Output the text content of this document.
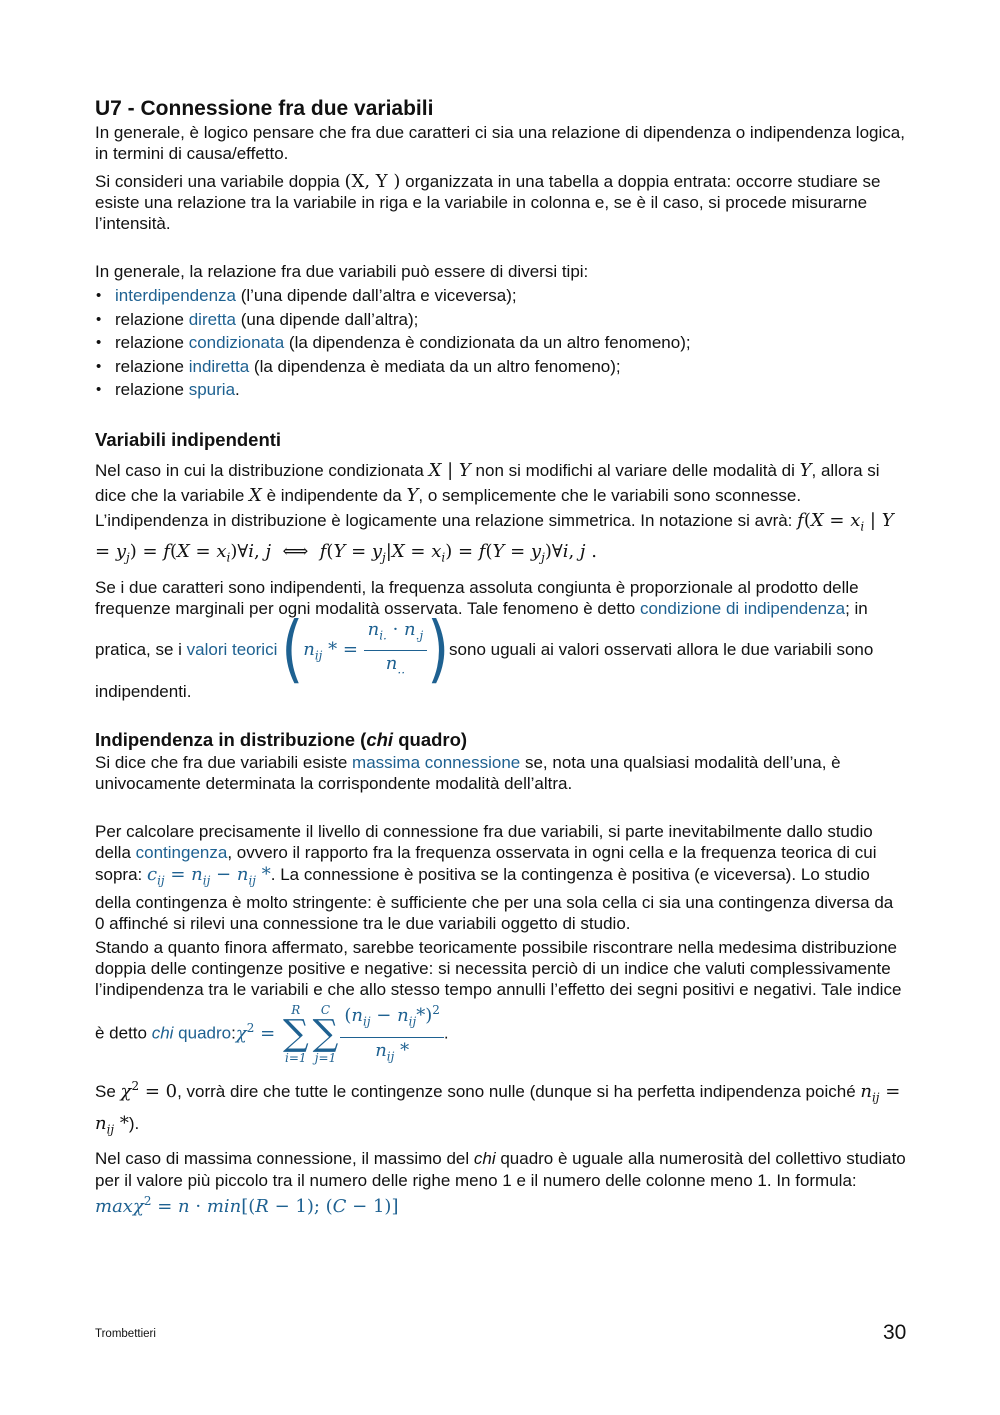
U7 - Connessione fra due variabili

In generale, è logico pensare che fra due caratteri ci sia una relazione di dipendenza o indipendenza logica, in termini di causa/effetto.

Si consideri una variabile doppia (X, Y ) organizzata in una tabella a doppia entrata: occorre studiare se esiste una relazione tra la variabile in riga e la variabile in colonna e, se è il caso, si procede misurarne l’intensità.

In generale, la relazione fra due variabili può essere di diversi tipi:

• interdipendenza (l’una dipende dall’altra e viceversa);
• relazione diretta (una dipende dall’altra);
• relazione condizionata (la dipendenza è condizionata da un altro fenomeno);
• relazione indiretta (la dipendenza è mediata da un altro fenomeno);
• relazione spuria.
Variabili indipendenti

Nel caso in cui la distribuzione condizionata X | Y non si modifichi al variare delle modalità di Y, allora si dice che la variabile X è indipendente da Y, o semplicemente che le variabili sono sconnesse. L’indipendenza in distribuzione è logicamente una relazione simmetrica. In notazione si avrà: $f(X = x_i$ | $Y = y_j) = f(X$ = $x_i)\forall i$, j  ⟺  $f(Y = y_j|X = x_i) = f(Y$ = $y_j)\forall i$, j .

Se i due caratteri sono indipendenti, la frequenza assoluta congiunta è proporzionale al prodotto delle frequenze marginali per ogni modalità osservata. Tale fenomeno è detto condizione di indipendenza; in pratica, se i valori $teorici(n_{ij}$ * = $\frac{n_{i.} \cdot n_{.j}}{n_{..}}$ )sono uguali ai valori osservati allora le due variabili sono indipendenti.

Indipendenza in distribuzione (chi quadro)

Si dice che fra due variabili esiste massima connessione se, nota una qualsiasi modalità dell’una, è univocamente determinata la corrispondente modalità dell’altra.

Per calcolare precisamente il livello di connessione fra due variabili, si parte inevitabilmente dallo studio della contingenza, ovvero il rapporto fra la frequenza osservata in ogni cella e la frequenza teorica di cui sopra: $c_{ij} = n_{ij} - n_{ij}$ *. La connessione è positiva se la contingenza è positiva (e viceversa). Lo studio della contingenza è molto stringente: è sufficiente che per una sola cella ci sia una contingenza diversa da 0 affinché si rilevi una connessione tra le due variabili oggetto di studio.

Stando a quanto finora affermato, sarebbe teoricamente possibile riscontrare nella medesima distribuzione doppia delle contingenze positive e negative: si necessita perciò di un indice che valuti complessivamente l’indipendenza tra le variabili e che allo stesso tempo annulli l’effetto dei segni positivi e negativi. Tale indice è detto chi $quadro:\chi^2$ =
R
∑
i=1
C
∑
$j=1 \frac{(n_{ij} - n_{ij}*)^2}{n_{ij} *}$ .

Se $\chi^2 = 0$, vorrà dire che tutte le contingenze sono nulle (dunque si ha perfetta indipendenza poiché $n_{ij} = n_{ij}$ *).

Nel caso di massima connessione, il massimo del chi quadro è uguale alla numerosità del collettivo studiato per il valore più piccolo tra il numero delle righe meno 1 e il numero delle colonne meno 1. In formula: maxχ$^2$ = n · min[(R − 1); (C − 1)]

Trombettieri	30
